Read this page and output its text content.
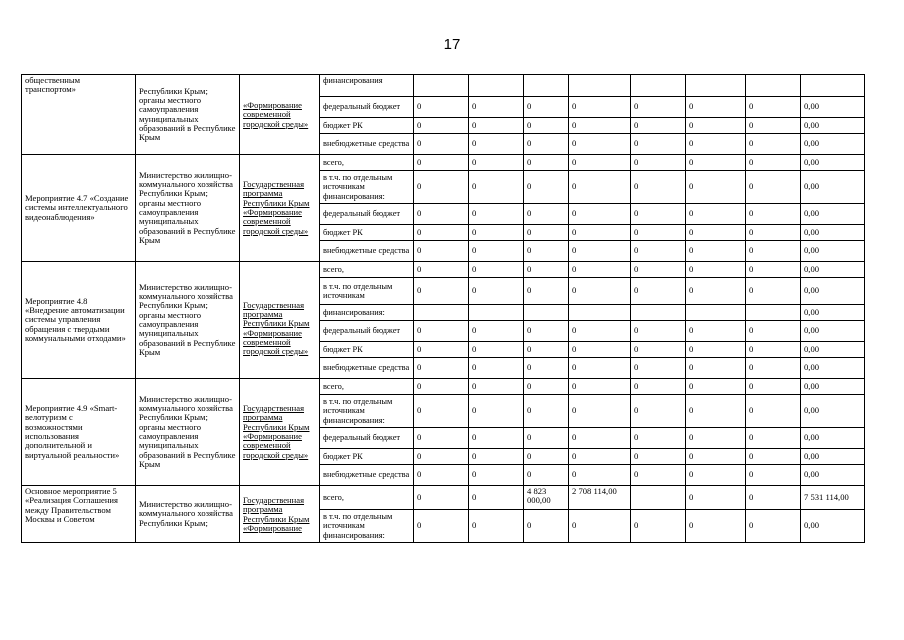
17
общественным транспортом»	Республики Крым; органы местного самоуправления муниципальных образований в Республике Крым	«Формирование современной городской среды»	финансирования								
			федеральный бюджет	0	0	0	0	0	0	0	0,00
			бюджет РК	0	0	0	0	0	0	0	0,00
			внебюджетные средства	0	0	0	0	0	0	0	0,00
Мероприятие 4.7 «Создание системы интеллектуального видеонаблюдения»	Министерство жилищно-коммунального хозяйства Республики Крым; органы местного самоуправления муниципальных образований в Республике Крым	Государственная программа Республики Крым «Формирование современной городской среды»	всего,	0	0	0	0	0	0	0	0,00
			в т.ч. по отдельным источникам финансирования:	0	0	0	0	0	0	0	0,00
			федеральный бюджет	0	0	0	0	0	0	0	0,00
			бюджет РК	0	0	0	0	0	0	0	0,00
			внебюджетные средства	0	0	0	0	0	0	0	0,00
Мероприятие 4.8 «Внедрение автоматизации системы управления обращения с твердыми коммунальными отходами»	Министерство жилищно-коммунального хозяйства Республики Крым; органы местного самоуправления муниципальных образований в Республике Крым	Государственная программа Республики Крым «Формирование современной городской среды»	всего,	0	0	0	0	0	0	0	0,00
			в т.ч. по отдельным источникам	0	0	0	0	0	0	0	0,00
			финансирования:								0,00
			федеральный бюджет	0	0	0	0	0	0	0	0,00
			бюджет РК	0	0	0	0	0	0	0	0,00
			внебюджетные средства	0	0	0	0	0	0	0	0,00
Мероприятие 4.9 «Smart-велотуризм с возможностями использования дополнительной и виртуальной реальности»	Министерство жилищно-коммунального хозяйства Республики Крым; органы местного самоуправления муниципальных образований в Республике Крым	Государственная программа Республики Крым «Формирование современной городской среды»	всего,	0	0	0	0	0	0	0	0,00
			в т.ч. по отдельным источникам финансирования:	0	0	0	0	0	0	0	0,00
			федеральный бюджет	0	0	0	0	0	0	0	0,00
			бюджет РК	0	0	0	0	0	0	0	0,00
			внебюджетные средства	0	0	0	0	0	0	0	0,00
Основное мероприятие 5 «Реализация Соглашения между Правительством Москвы и Советом	Министерство жилищно-коммунального хозяйства Республики Крым;	Государственная программа Республики Крым «Формирование	всего,	0	0	4 823 000,00	2 708 114,00		0	0	7 531 114,00
			в т.ч. по отдельным источникам финансирования:	0	0	0	0	0	0	0	0,00
